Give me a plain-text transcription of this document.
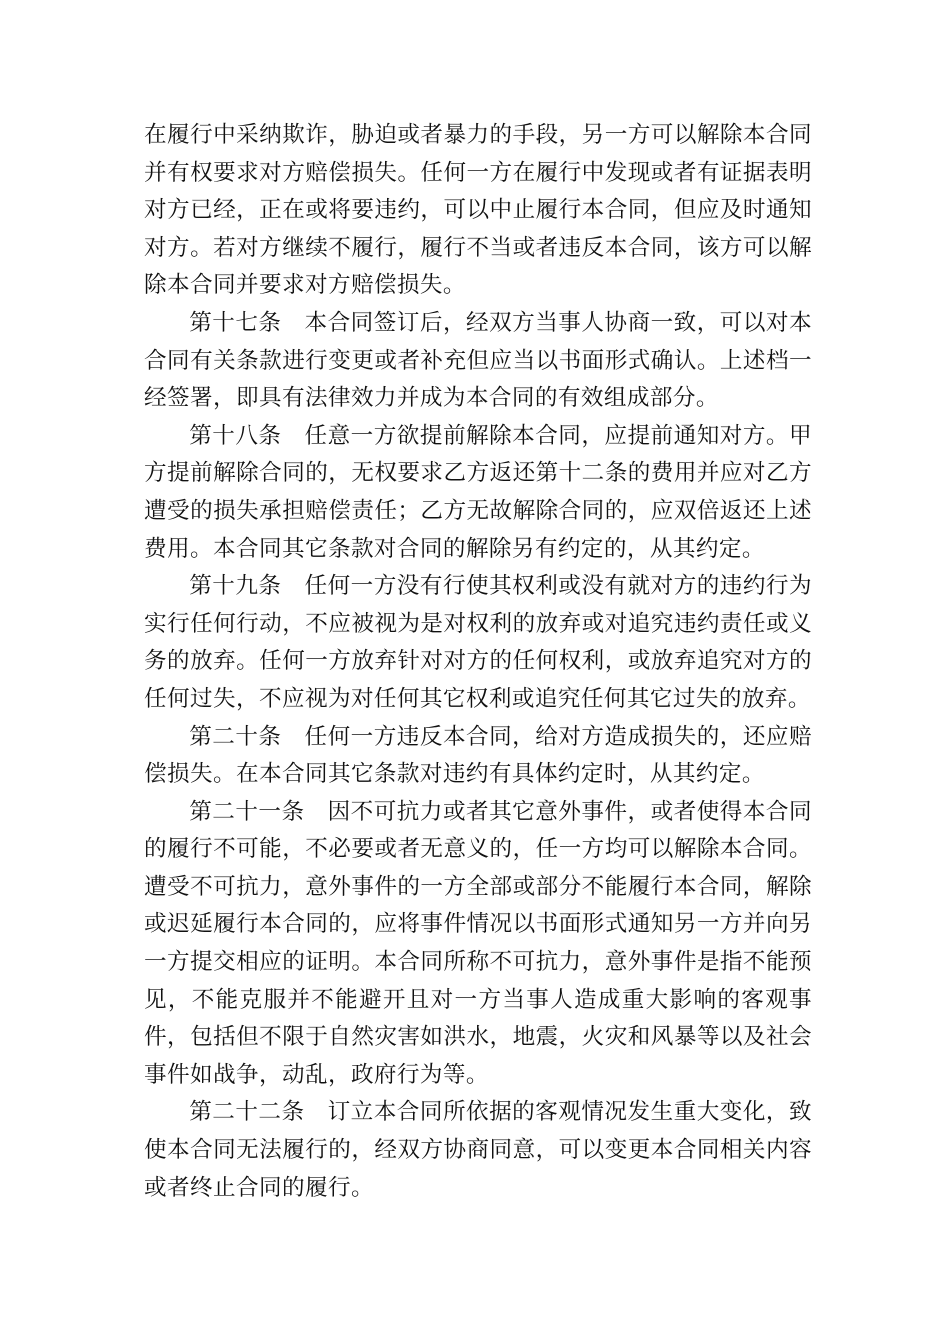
在履行中采纳欺诈，胁迫或者暴力的手段，另一方可以解除本合同并有权要求对方赔偿损失。任何一方在履行中发现或者有证据表明对方已经，正在或将要违约，可以中止履行本合同，但应及时通知对方。若对方继续不履行，履行不当或者违反本合同，该方可以解除本合同并要求对方赔偿损失。

第十七条　本合同签订后，经双方当事人协商一致，可以对本合同有关条款进行变更或者补充但应当以书面形式确认。上述档一经签署，即具有法律效力并成为本合同的有效组成部分。

第十八条　任意一方欲提前解除本合同，应提前通知对方。甲方提前解除合同的，无权要求乙方返还第十二条的费用并应对乙方遭受的损失承担赔偿责任；乙方无故解除合同的，应双倍返还上述费用。本合同其它条款对合同的解除另有约定的，从其约定。

第十九条　任何一方没有行使其权利或没有就对方的违约行为实行任何行动，不应被视为是对权利的放弃或对追究违约责任或义务的放弃。任何一方放弃针对对方的任何权利，或放弃追究对方的任何过失，不应视为对任何其它权利或追究任何其它过失的放弃。

第二十条　任何一方违反本合同，给对方造成损失的，还应赔偿损失。在本合同其它条款对违约有具体约定时，从其约定。

第二十一条　因不可抗力或者其它意外事件，或者使得本合同的履行不可能，不必要或者无意义的，任一方均可以解除本合同。遭受不可抗力，意外事件的一方全部或部分不能履行本合同，解除或迟延履行本合同的，应将事件情况以书面形式通知另一方并向另一方提交相应的证明。本合同所称不可抗力，意外事件是指不能预见，不能克服并不能避开且对一方当事人造成重大影响的客观事件，包括但不限于自然灾害如洪水，地震，火灾和风暴等以及社会事件如战争，动乱，政府行为等。

第二十二条　订立本合同所依据的客观情况发生重大变化，致使本合同无法履行的，经双方协商同意，可以变更本合同相关内容或者终止合同的履行。
